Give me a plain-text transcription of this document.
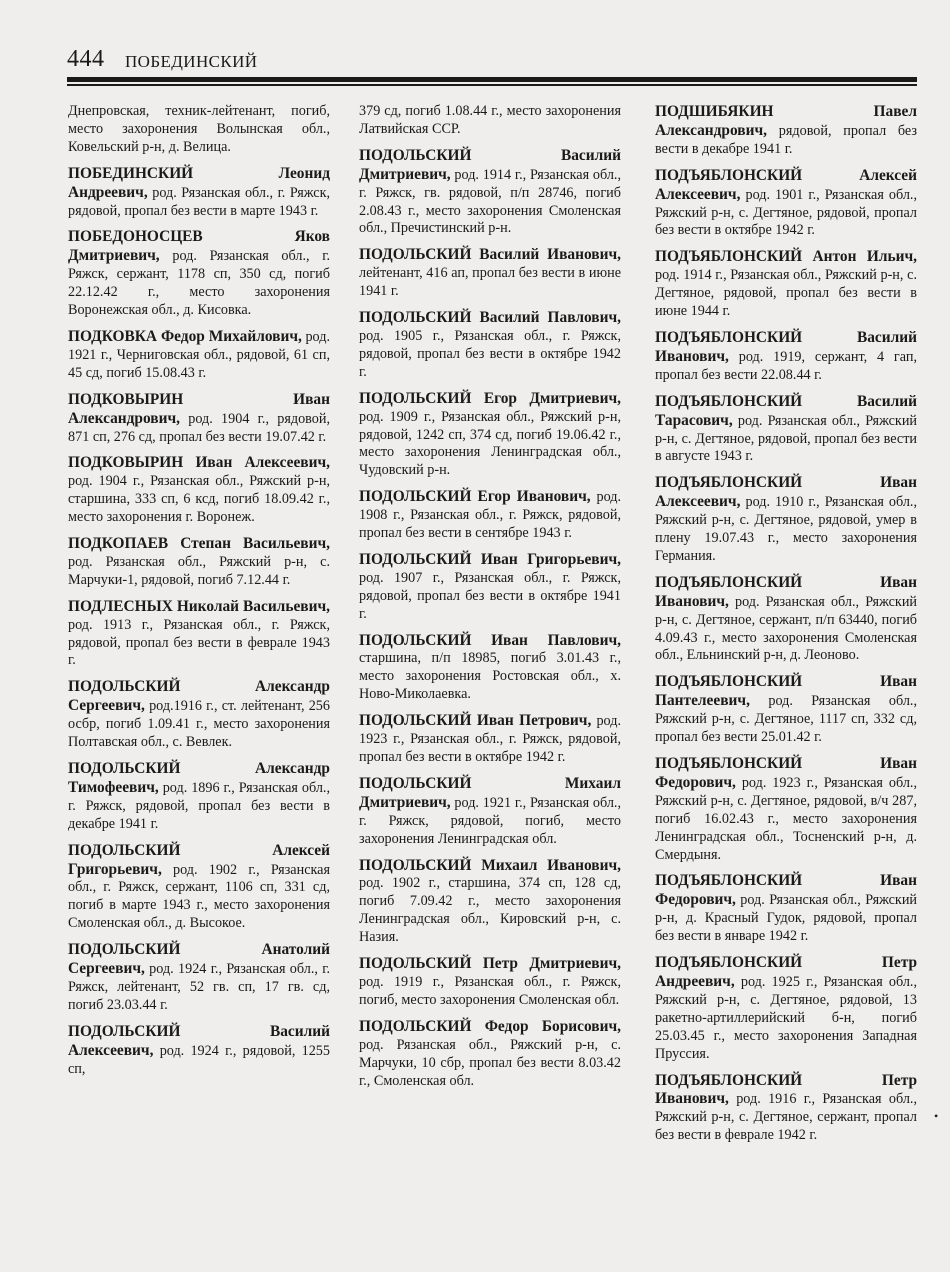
444 ПОБЕДИНСКИЙ

Днепровская, техник-лейтенант, погиб, место захоронения Волынская обл., Ковельский р-н, д. Велица.

ПОБЕДИНСКИЙ Леонид Андреевич, род. Рязанская обл., г. Ряжск, рядовой, пропал без вести в марте 1943 г.

ПОБЕДОНОСЦЕВ Яков Дмитриевич, род. Рязанская обл., г. Ряжск, сержант, 1178 сп, 350 сд, погиб 22.12.42 г., место захоронения Воронежская обл., д. Кисовка.

ПОДКОВКА Федор Михайлович, род. 1921 г., Черниговская обл., рядовой, 61 сп, 45 сд, погиб 15.08.43 г.

ПОДКОВЫРИН Иван Александрович, род. 1904 г., рядовой, 871 сп, 276 сд, пропал без вести 19.07.42 г.

ПОДКОВЫРИН Иван Алексеевич, род. 1904 г., Рязанская обл., Ряжский р-н, старшина, 333 сп, 6 ксд, погиб 18.09.42 г., место захоронения г. Воронеж.

ПОДКОПАЕВ Степан Васильевич, род. Рязанская обл., Ряжский р-н, с. Марчуки-1, рядовой, погиб 7.12.44 г.

ПОДЛЕСНЫХ Николай Васильевич, род. 1913 г., Рязанская обл., г. Ряжск, рядовой, пропал без вести в феврале 1943 г.

ПОДОЛЬСКИЙ Александр Сергеевич, род.1916 г., ст. лейтенант, 256 осбр, погиб 1.09.41 г., место захоронения Полтавская обл., с. Вевлек.

ПОДОЛЬСКИЙ Александр Тимофеевич, род. 1896 г., Рязанская обл., г. Ряжск, рядовой, пропал без вести в декабре 1941 г.

ПОДОЛЬСКИЙ Алексей Григорьевич, род. 1902 г., Рязанская обл., г. Ряжск, сержант, 1106 сп, 331 сд, погиб в марте 1943 г., место захоронения Смоленская обл., д. Высокое.

ПОДОЛЬСКИЙ Анатолий Сергеевич, род. 1924 г., Рязанская обл., г. Ряжск, лейтенант, 52 гв. сп, 17 гв. сд, погиб 23.03.44 г.

ПОДОЛЬСКИЙ Василий Алексеевич, род. 1924 г., рядовой, 1255 сп,

379 сд, погиб 1.08.44 г., место захоронения Латвийская ССР.

ПОДОЛЬСКИЙ Василий Дмитриевич, род. 1914 г., Рязанская обл., г. Ряжск, гв. рядовой, п/п 28746, погиб 2.08.43 г., место захоронения Смоленская обл., Пречистинский р-н.

ПОДОЛЬСКИЙ Василий Иванович, лейтенант, 416 ап, пропал без вести в июне 1941 г.

ПОДОЛЬСКИЙ Василий Павлович, род. 1905 г., Рязанская обл., г. Ряжск, рядовой, пропал без вести в октябре 1942 г.

ПОДОЛЬСКИЙ Егор Дмитриевич, род. 1909 г., Рязанская обл., Ряжский р-н, рядовой, 1242 сп, 374 сд, погиб 19.06.42 г., место захоронения Ленинградская обл., Чудовский р-н.

ПОДОЛЬСКИЙ Егор Иванович, род. 1908 г., Рязанская обл., г. Ряжск, рядовой, пропал без вести в сентябре 1943 г.

ПОДОЛЬСКИЙ Иван Григорьевич, род. 1907 г., Рязанская обл., г. Ряжск, рядовой, пропал без вести в октябре 1941 г.

ПОДОЛЬСКИЙ Иван Павлович, старшина, п/п 18985, погиб 3.01.43 г., место захоронения Ростовская обл., х. Ново-Миколаевка.

ПОДОЛЬСКИЙ Иван Петрович, род. 1923 г., Рязанская обл., г. Ряжск, рядовой, пропал без вести в октябре 1942 г.

ПОДОЛЬСКИЙ Михаил Дмитриевич, род. 1921 г., Рязанская обл., г. Ряжск, рядовой, погиб, место захоронения Ленинградская обл.

ПОДОЛЬСКИЙ Михаил Иванович, род. 1902 г., старшина, 374 сп, 128 сд, погиб 7.09.42 г., место захоронения Ленинградская обл., Кировский р-н, с. Назия.

ПОДОЛЬСКИЙ Петр Дмитриевич, род. 1919 г., Рязанская обл., г. Ряжск, погиб, место захоронения Смоленская обл.

ПОДОЛЬСКИЙ Федор Борисович, род. Рязанская обл., Ряжский р-н, с. Марчуки, 10 сбр, пропал без вести 8.03.42 г., Смоленская обл.

ПОДШИБЯКИН Павел Александрович, рядовой, пропал без вести в декабре 1941 г.

ПОДЪЯБЛОНСКИЙ Алексей Алексеевич, род. 1901 г., Рязанская обл., Ряжский р-н, с. Дегтяное, рядовой, пропал без вести в октябре 1942 г.

ПОДЪЯБЛОНСКИЙ Антон Ильич, род. 1914 г., Рязанская обл., Ряжский р-н, с. Дегтяное, рядовой, пропал без вести в июне 1944 г.

ПОДЪЯБЛОНСКИЙ Василий Иванович, род. 1919, сержант, 4 гап, пропал без вести 22.08.44 г.

ПОДЪЯБЛОНСКИЙ Василий Тарасович, род. Рязанская обл., Ряжский р-н, с. Дегтяное, рядовой, пропал без вести в августе 1943 г.

ПОДЪЯБЛОНСКИЙ Иван Алексеевич, род. 1910 г., Рязанская обл., Ряжский р-н, с. Дегтяное, рядовой, умер в плену 19.07.43 г., место захоронения Германия.

ПОДЪЯБЛОНСКИЙ Иван Иванович, род. Рязанская обл., Ряжский р-н, с. Дегтяное, сержант, п/п 63440, погиб 4.09.43 г., место захоронения Смоленская обл., Ельнинский р-н, д. Леоново.

ПОДЪЯБЛОНСКИЙ Иван Пантелеевич, род. Рязанская обл., Ряжский р-н, с. Дегтяное, 1117 сп, 332 сд, пропал без вести 25.01.42 г.

ПОДЪЯБЛОНСКИЙ Иван Федорович, род. 1923 г., Рязанская обл., Ряжский р-н, с. Дегтяное, рядовой, в/ч 287, погиб 16.02.43 г., место захоронения Ленинградская обл., Тосненский р-н, д. Смердыня.

ПОДЪЯБЛОНСКИЙ Иван Федорович, род. Рязанская обл., Ряжский р-н, д. Красный Гудок, рядовой, пропал без вести в январе 1942 г.

ПОДЪЯБЛОНСКИЙ Петр Андреевич, род. 1925 г., Рязанская обл., Ряжский р-н, с. Дегтяное, рядовой, 13 ракетно-артиллерийский б-н, погиб 25.03.45 г., место захоронения Западная Пруссия.

ПОДЪЯБЛОНСКИЙ Петр Иванович, род. 1916 г., Рязанская обл., Ряжский р-н, с. Дегтяное, сержант, пропал без вести в феврале 1942 г.

•
